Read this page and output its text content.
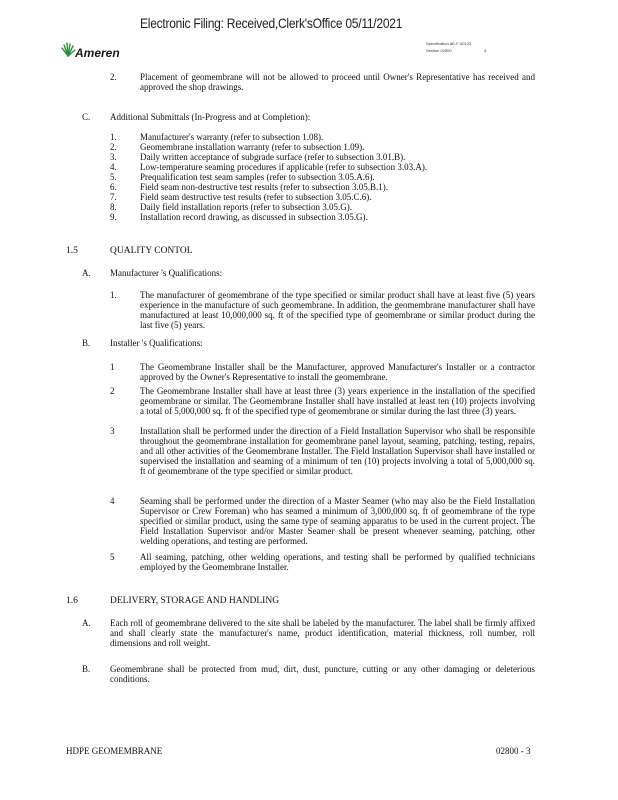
Electronic Filing: Received,Clerk'sOffice 05/11/2021
Ameren
Specification AE-F-00123
Section 02800	3
2.	Placement of geomembrane will not be allowed to proceed until Owner's Representative has received and approved the shop drawings.
C. Additional Submittals (In-Progress and at Completion):
1.	Manufacturer's warranty (refer to subsection 1.08).
2.	Geomembrane installation warranty (refer to subsection 1.09).
3.	Daily written acceptance of subgrade surface (refer to subsection 3.01.B).
4.	Low-temperature seaming procedures if applicable (refer to subsection 3.03.A).
5.	Prequalification test seam samples (refer to subsection 3.05.A.6).
6.	Field seam non-destructive test results (refer to subsection 3.05.B.1).
7.	Field seam destructive test results (refer to subsection 3.05.C.6).
8.	Daily field installation reports (refer to subsection 3.05.G).
9.	Installation record drawing, as discussed in subsection 3.05.G).
1.5	QUALITY CONTOL
A. Manufacturer 's Qualifications:
1.	The manufacturer of geomembrane of the type specified or similar product shall have at least five (5) years experience in the manufacture of such geomembrane. In addition, the geomembrane manufacturer shall have manufactured at least 10,000,000 sq. ft of the specified type of geomembrane or similar product during the last five (5) years.
B. Installer 's Qualifications:
1	The Geomembrane Installer shall be the Manufacturer, approved Manufacturer's Installer or a contractor approved by the Owner's Representative to install the geomembrane.
2	The Geomembrane Installer shall have at least three (3) years experience in the installation of the specified geomembrane or similar. The Geomembrane Installer shall have installed at least ten (10) projects involving a total of 5,000,000 sq. ft of the specified type of geomembrane or similar during the last three (3) years.
3	Installation shall be performed under the direction of a Field Installation Supervisor who shall be responsible throughout the geomembrane installation for geomembrane panel layout, seaming, patching, testing, repairs, and all other activities of the Geomembrane Installer. The Field Installation Supervisor shall have installed or supervised the installation and seaming of a minimum of ten (10) projects involving a total of 5,000,000 sq. ft of geomembrane of the type specified or similar product.
4	Seaming shall be performed under the direction of a Master Seamer (who may also be the Field Installation Supervisor or Crew Foreman) who has seamed a minimum of 3,000,000 sq. ft of geomembrane of the type specified or similar product, using the same type of seaming apparatus to be used in the current project. The Field Installation Supervisor and/or Master Seamer shall be present whenever seaming, patching, other welding operations, and testing are performed.
5	All seaming, patching, other welding operations, and testing shall be performed by qualified technicians employed by the Geomembrane Installer.
1.6	DELIVERY, STORAGE AND HANDLING
A. Each roll of geomembrane delivered to the site shall be labeled by the manufacturer. The label shall be firmly affixed and shall clearly state the manufacturer's name, product identification, material thickness, roll number, roll dimensions and roll weight.
B. Geomembrane shall be protected from mud, dirt, dust, puncture, cutting or any other damaging or deleterious conditions.
HDPE GEOMEMBRANE	02800 - 3
